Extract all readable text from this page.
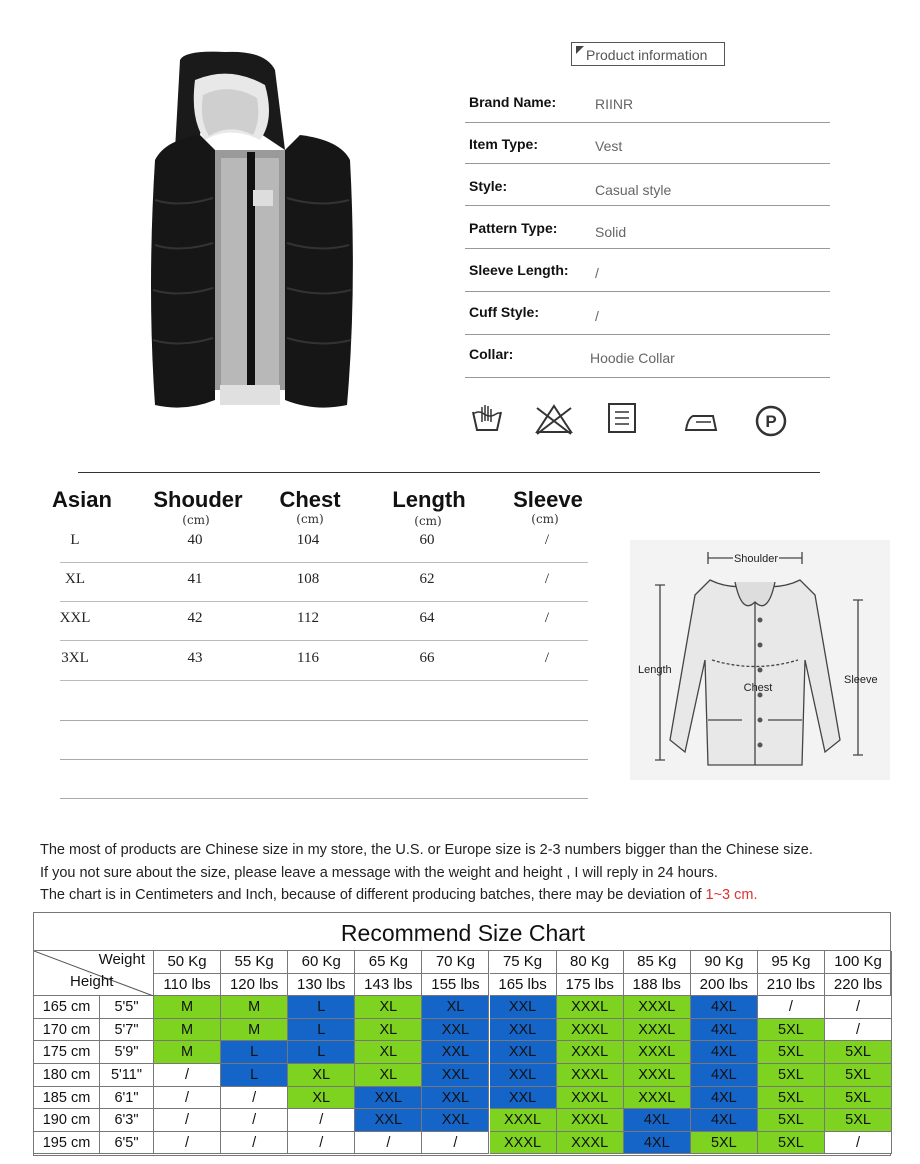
Product information
Brand Name:	RIINR
Item Type:	Vest
Style:	Casual style
Pattern Type:	Solid
Sleeve Length: /
Cuff Style:	/
Collar:	Hoodie Collar
P
Asian	Shouder	Chest	Length	Sleeve
(cm)	(cm)	(cm)	(cm)
L	40	104	60	/
XL	41	108	62	/
XXL	42	112	64	/
3XL	43	116	66	/
Shoulder
Length
Chest
Sleeve
The most of products are Chinese size in my store, the U.S. or Europe size is 2-3 numbers bigger than the Chinese size.
If you not sure about the size, please leave a message with the weight and height , I will reply in 24 hours.
The chart is in Centimeters and Inch, because of different producing batches, there may be deviation of 1~3 cm.
Recommend Size Chart
Weight
Height
50 Kg	55 Kg	60 Kg	65 Kg	70 Kg	75 Kg	80 Kg	85 Kg	90 Kg	95 Kg	100 Kg
110 lbs	120 lbs	130 lbs	143 lbs	155 lbs	165 lbs	175 lbs	188 lbs	200 lbs	210 lbs	220 lbs
165 cm	5'5"	M	M	L	XL	XL	XXL	XXXL	XXXL	4XL	/	/
170 cm	5'7"	M	M	L	XL	XXL	XXL	XXXL	XXXL	4XL	5XL	/
175 cm	5'9"	M	L	L	XL	XXL	XXL	XXXL	XXXL	4XL	5XL	5XL
180 cm	5'11"	/	L	XL	XL	XXL	XXL	XXXL	XXXL	4XL	5XL	5XL
185 cm	6'1"	/	/	XL	XXL	XXL	XXL	XXXL	XXXL	4XL	5XL	5XL
190 cm	6'3"	/	/	/	XXL	XXL	XXXL	XXXL	4XL	4XL	5XL	5XL
195 cm	6'5"	/	/	/	/	/	XXXL	XXXL	4XL	5XL	5XL	/
